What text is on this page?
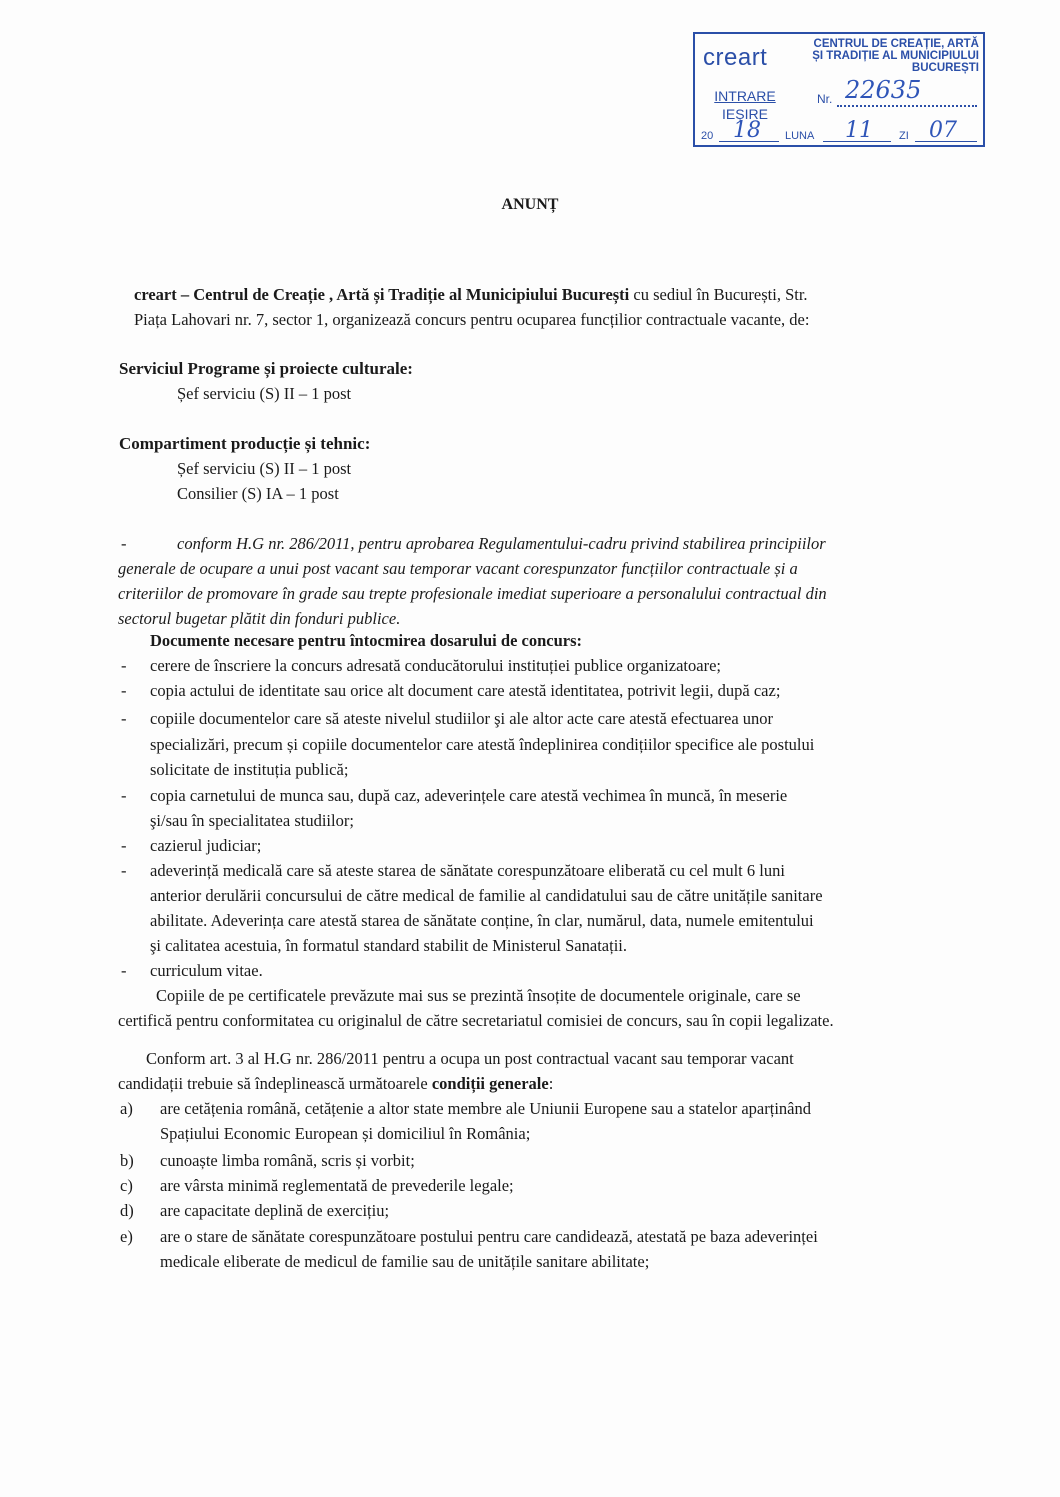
creart	CENTRUL DE CREAȚIE, ARTĂ
ȘI TRADIȚIE AL MUNICIPIULUI
BUCUREȘTI
INTRARE
IEȘIRE
Nr. 22635
20 18 LUNA 11 ZI 07
ANUNȚ
creart – Centrul de Creație , Artă și Tradiție al Municipiului București cu sediul în București, Str.
Piața Lahovari nr. 7, sector 1, organizează concurs pentru ocuparea funcțilior contractuale vacante, de:
Serviciul Programe și proiecte culturale:
Șef serviciu (S) II – 1 post
Compartiment producție și tehnic:
Șef serviciu (S) II – 1 post
Consilier (S) IA – 1 post
-	conform H.G nr. 286/2011, pentru aprobarea Regulamentului-cadru privind stabilirea principiilor
generale de ocupare a unui post vacant sau temporar vacant corespunzator funcțiilor contractuale și a
criteriilor de promovare în grade sau trepte profesionale imediat superioare a personalului contractual din
sectorul bugetar plătit din fonduri publice.
Documente necesare pentru întocmirea dosarului de concurs:
- cerere de înscriere la concurs adresată conducătorului instituției publice organizatoare;
- copia actului de identitate sau orice alt document care atestă identitatea, potrivit legii, după caz;
- copiile documentelor care să ateste nivelul studiilor şi ale altor acte care atestă efectuarea unor
specializări, precum și copiile documentelor care atestă îndeplinirea condițiilor specifice ale postului
solicitate de instituția publică;
- copia carnetului de munca sau, după caz, adeverințele care atestă vechimea în muncă, în meserie
şi/sau în specialitatea studiilor;
- cazierul judiciar;
- adeverință medicală care să ateste starea de sănătate corespunzătoare eliberată cu cel mult 6 luni
anterior derulării concursului de către medical de familie al candidatului sau de către unitățile sanitare
abilitate. Adeverința care atestă starea de sănătate conține, în clar, numărul, data, numele emitentului
şi calitatea acestuia, în formatul standard stabilit de Ministerul Sanatații.
- curriculum vitae.
Copiile de pe certificatele prevăzute mai sus se prezintă însoțite de documentele originale, care se
certifică pentru conformitatea cu originalul de către secretariatul comisiei de concurs, sau în copii legalizate.
Conform art. 3 al H.G nr. 286/2011 pentru a ocupa un post contractual vacant sau temporar vacant
candidații trebuie să îndeplinească următoarele condiții generale:
a) are cetățenia română, cetățenie a altor state membre ale Uniunii Europene sau a statelor aparținând
Spațiului Economic European și domiciliul în România;
b) cunoaște limba română, scris și vorbit;
c) are vârsta minimă reglementată de prevederile legale;
d) are capacitate deplină de exercițiu;
e) are o stare de sănătate corespunzătoare postului pentru care candidează, atestată pe baza adeverinței
medicale eliberate de medicul de familie sau de unitățile sanitare abilitate;
